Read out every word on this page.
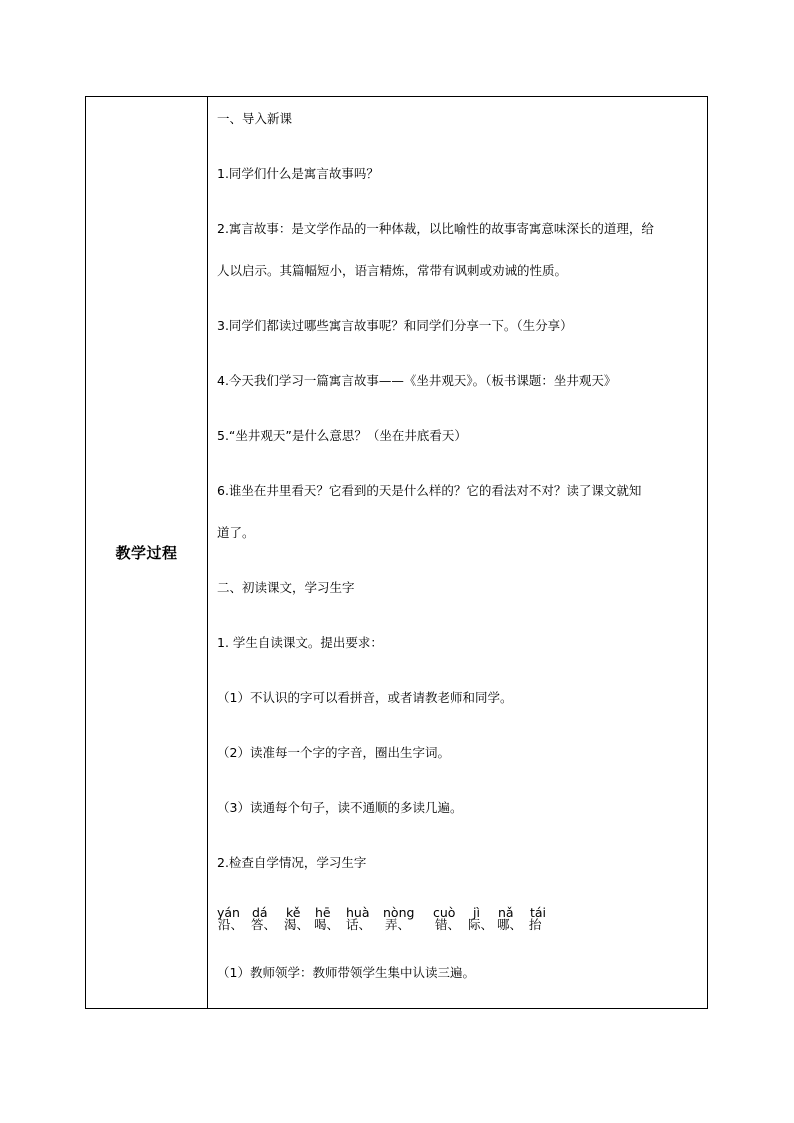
教学过程	
一、导入新课
1.同学们什么是寓言故事吗？
2.寓言故事：是文学作品的一种体裁，以比喻性的故事寄寓意味深长的道理，给
人以启示。其篇幅短小，语言精炼，常带有讽刺或劝诫的性质。
3.同学们都读过哪些寓言故事呢？和同学们分享一下。（生分享）
4.今天我们学习一篇寓言故事——《坐井观天》。（板书课题：坐井观天》
5.“坐井观天”是什么意思？（坐在井底看天）
6.谁坐在井里看天？它看到的天是什么样的？它的看法对不对？读了课文就知
道了。
二、初读课文，学习生字
1. 学生自读课文。提出要求：
（1）不认识的字可以看拼音，或者请教老师和同学。
（2）读准每一个字的字音，圈出生字词。
（3）读通每个句子，读不通顺的多读几遍。
2.检查自学情况，学习生字
yán dá kě hē huà nòng cuò jì nǎ tái
沿、 答、 渴、 喝、 话、 弄、 错、 际、 哪、 抬
（1）教师领学：教师带领学生集中认读三遍。
